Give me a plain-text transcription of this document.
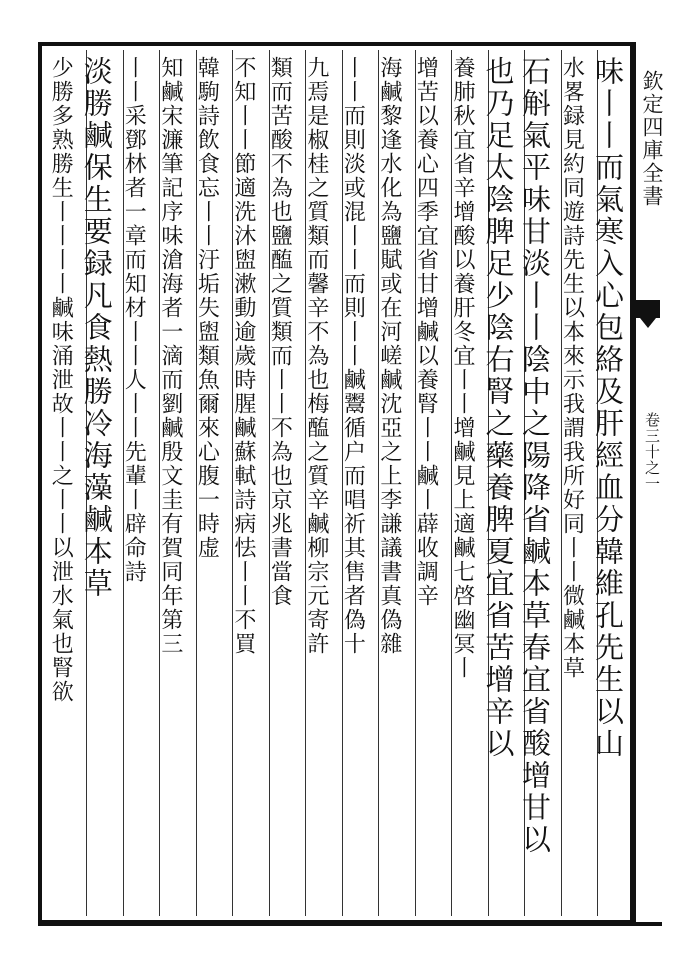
欽定四庫全書
卷三十之一
味丨丨而氣寒入心包絡及肝經血分韓維孔先生以山
水畧録見約同遊詩先生以本來示我謂我所好同丨丨微鹹本草
石斛氣平味甘淡丨丨陰中之陽降省鹹本草春宜省酸增甘以
也乃足太陰脾足少陰右腎之藥養脾夏宜省苦增辛以
養肺秋宜省辛增酸以養肝冬宜丨丨增鹹見上適鹹七啓幽冥丨
增苦以養心四季宜省甘增鹹以養腎丨丨鹹丨薜收調辛
海鹹黎逢水化為鹽賦或在河嵯鹹沈亞之上李謙議書真偽雜
丨丨而則淡或混丨丨而則丨丨鹹鬻循户而唱祈其售者偽十
九焉是椒桂之質類而馨辛不為也梅醢之質辛鹹柳宗元寄許
類而苦酸不為也鹽醢之質類而丨丨不為也京兆書當食
不知丨丨節適洗沐盥漱動逾歲時腥鹹蘇軾詩病怯丨丨不買
韓駒詩飲食忘丨丨汙垢失盥類魚爾來心腹一時虚
知鹹宋濂筆記序味滄海者一滴而劉鹹殷文圭有賀同年第三
丨丨采鄧林者一章而知材丨丨人丨丨先輩丨辟命詩
淡勝鹹保生要録凡食熱勝冷海藻鹹本草
少勝多熟勝生丨丨丨丨鹹味涌泄故丨丨之丨丨以泄水氣也腎欲
